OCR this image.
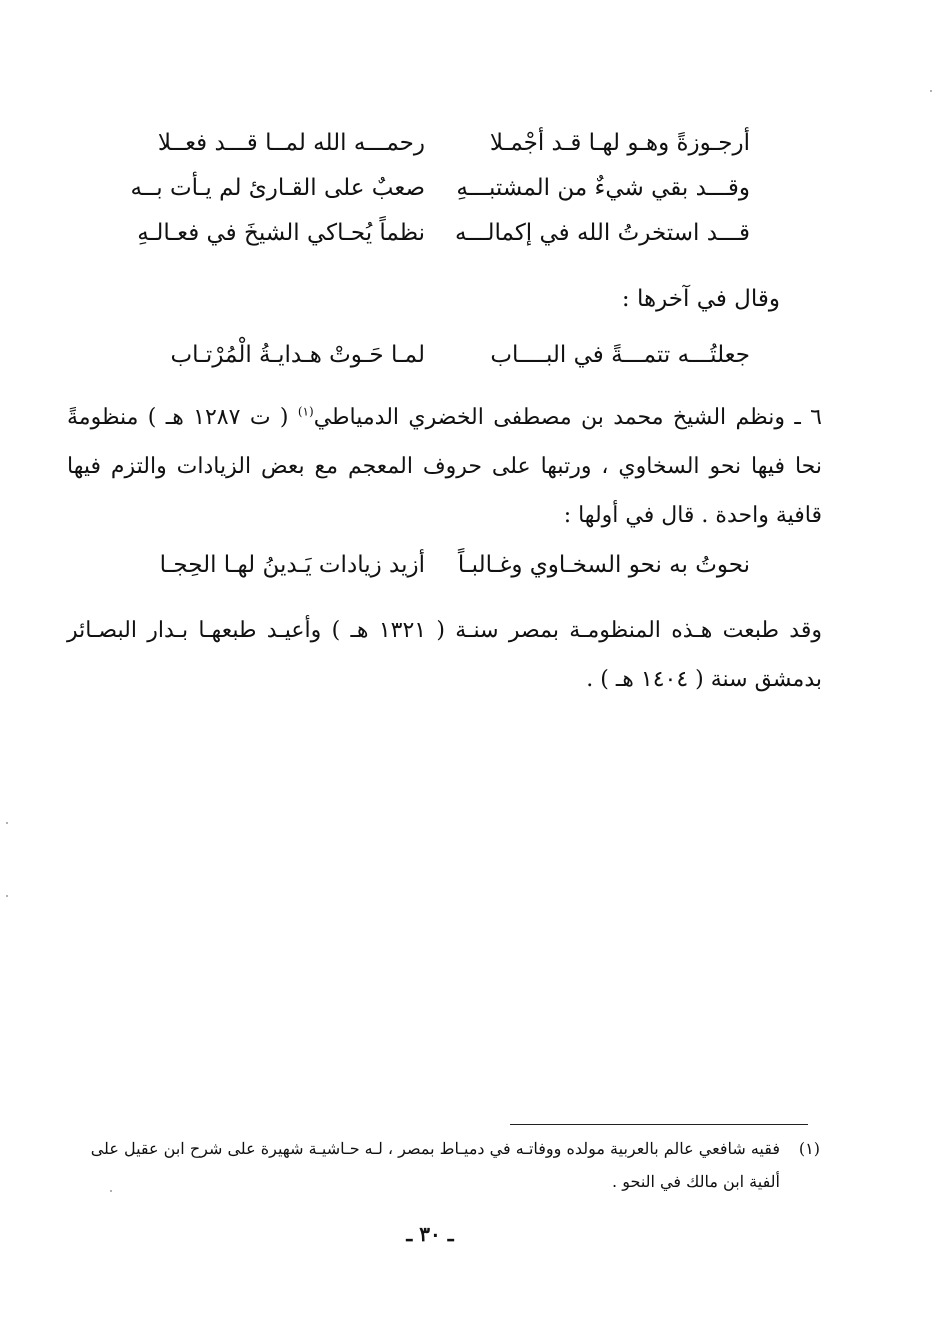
أرجـوزةً وهـو لهـا قـد أجْمـلا
رحمـــه الله لمــا قـــد فعــلا
وقـــد بقي شيءٌ من المشتبـــهِ
صعبٌ على القـارئ لم يـأت بــه
قـــد استخرتُ الله في إكمالـــه
نظماً يُحـاكي الشيخَ في فعـالـهِ
وقال في آخرها :
جعلتُـــه تتمـــةً في البــــاب
لمـا حَـوتْ هـدايـةُ الْمُرْتـاب

٦ ـ ونظم الشيخ محمد بن مصطفى الخضري الدمياطي$^{(١)}$ ( ت ١٢٨٧ هـ ) منظومةً نحا فيها نحو السخاوي ، ورتبها على حروف المعجم مع بعض الزيادات والتزم فيها قافية واحدة . قال في أولها :

نحوتُ به نحو السخـاوي وغـالبـاً
أزيد زيادات يَـدينُ لهـا الحِجـا

وقد طبعت هـذه المنظومـة بمصر سنـة ( ١٣٢١ هـ ) وأعيـد طبعهـا بـدار البصـائر بدمشق سنة ( ١٤٠٤ هـ ) .

(١)
فقيه شافعي عالم بالعربية مولده ووفاتـه في دميـاط بمصر ، لـه حـاشيـة شهيرة على شرح ابن عقيل على ألفية ابن مالك في النحو .
ـ ٣٠ ـ
